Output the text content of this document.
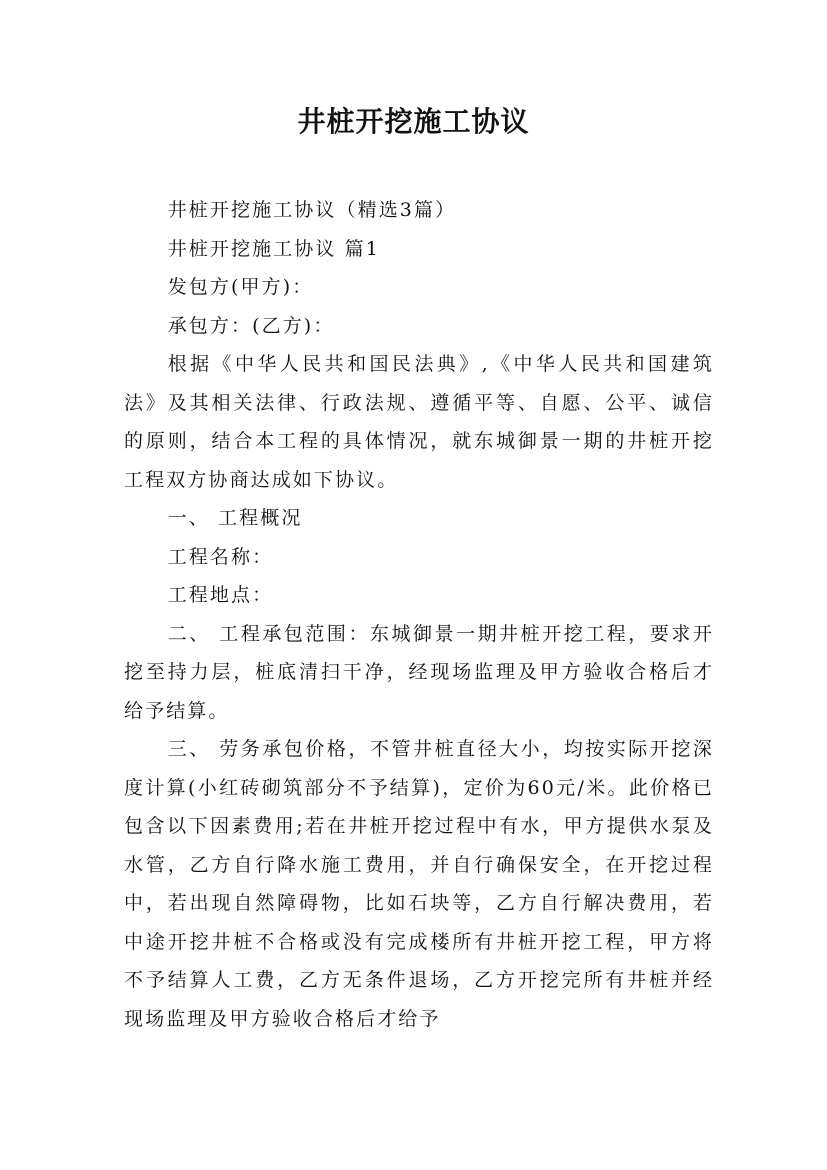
井桩开挖施工协议

井桩开挖施工协议（精选3篇）

井桩开挖施工协议 篇1

发包方(甲方)：

承包方：(乙方)：

根据《中华人民共和国民法典》,《中华人民共和国建筑法》及其相关法律、行政法规、遵循平等、自愿、公平、诚信的原则，结合本工程的具体情况，就东城御景一期的井桩开挖工程双方协商达成如下协议。

一、 工程概况

工程名称：

工程地点：

二、 工程承包范围：东城御景一期井桩开挖工程，要求开挖至持力层，桩底清扫干净，经现场监理及甲方验收合格后才给予结算。

三、 劳务承包价格，不管井桩直径大小，均按实际开挖深度计算(小红砖砌筑部分不予结算)，定价为60元/米。此价格已包含以下因素费用;若在井桩开挖过程中有水，甲方提供水泵及水管，乙方自行降水施工费用，并自行确保安全，在开挖过程中，若出现自然障碍物，比如石块等，乙方自行解决费用，若中途开挖井桩不合格或没有完成楼所有井桩开挖工程，甲方将不予结算人工费，乙方无条件退场，乙方开挖完所有井桩并经现场监理及甲方验收合格后才给予
